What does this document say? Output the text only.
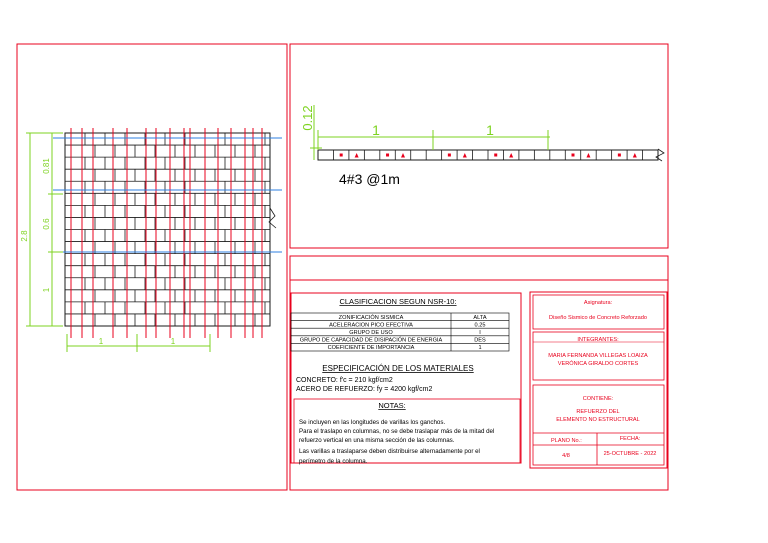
2.8
0.81
0.6
1
1	1
1	1
0.12
4#3 @1m
CLASIFICACION SEGUN NSR-10:
ZONIFICACIÓN SISMICA	ALTA
ACELERACION PICO EFECTIVA	0.25
GRUPO DE USO	I
GRUPO DE CAPACIDAD DE DISIPACIÓN DE ENERGIA	DES
COEFICIENTE DE IMPORTANCIA	1
ESPECIFICACIÓN DE LOS MATERIALES
CONCRETO: f'c = 210 kgf/cm2
ACERO DE REFUERZO: fy = 4200 kgf/cm2
NOTAS:
Se incluyen en las longitudes de varillas los ganchos.
Para el traslapo en columnas, no se debe traslapar más de la mitad del
refuerzo vertical en una misma sección de las columnas.
Las varillas a traslaparse deben distribuirse alternadamente por el
perímetro de la columna.
Asignatura:
Diseño Sismico de Concreto Reforzado
INTEGRANTES:
MARIA FERNANDA VILLEGAS LOAIZA
VERÓNICA GIRALDO CORTES
CONTIENE:
REFUERZO DEL
ELEMENTO NO ESTRUCTURAL
PLANO No.:	FECHA:
4/8	25-OCTUBRE - 2022
